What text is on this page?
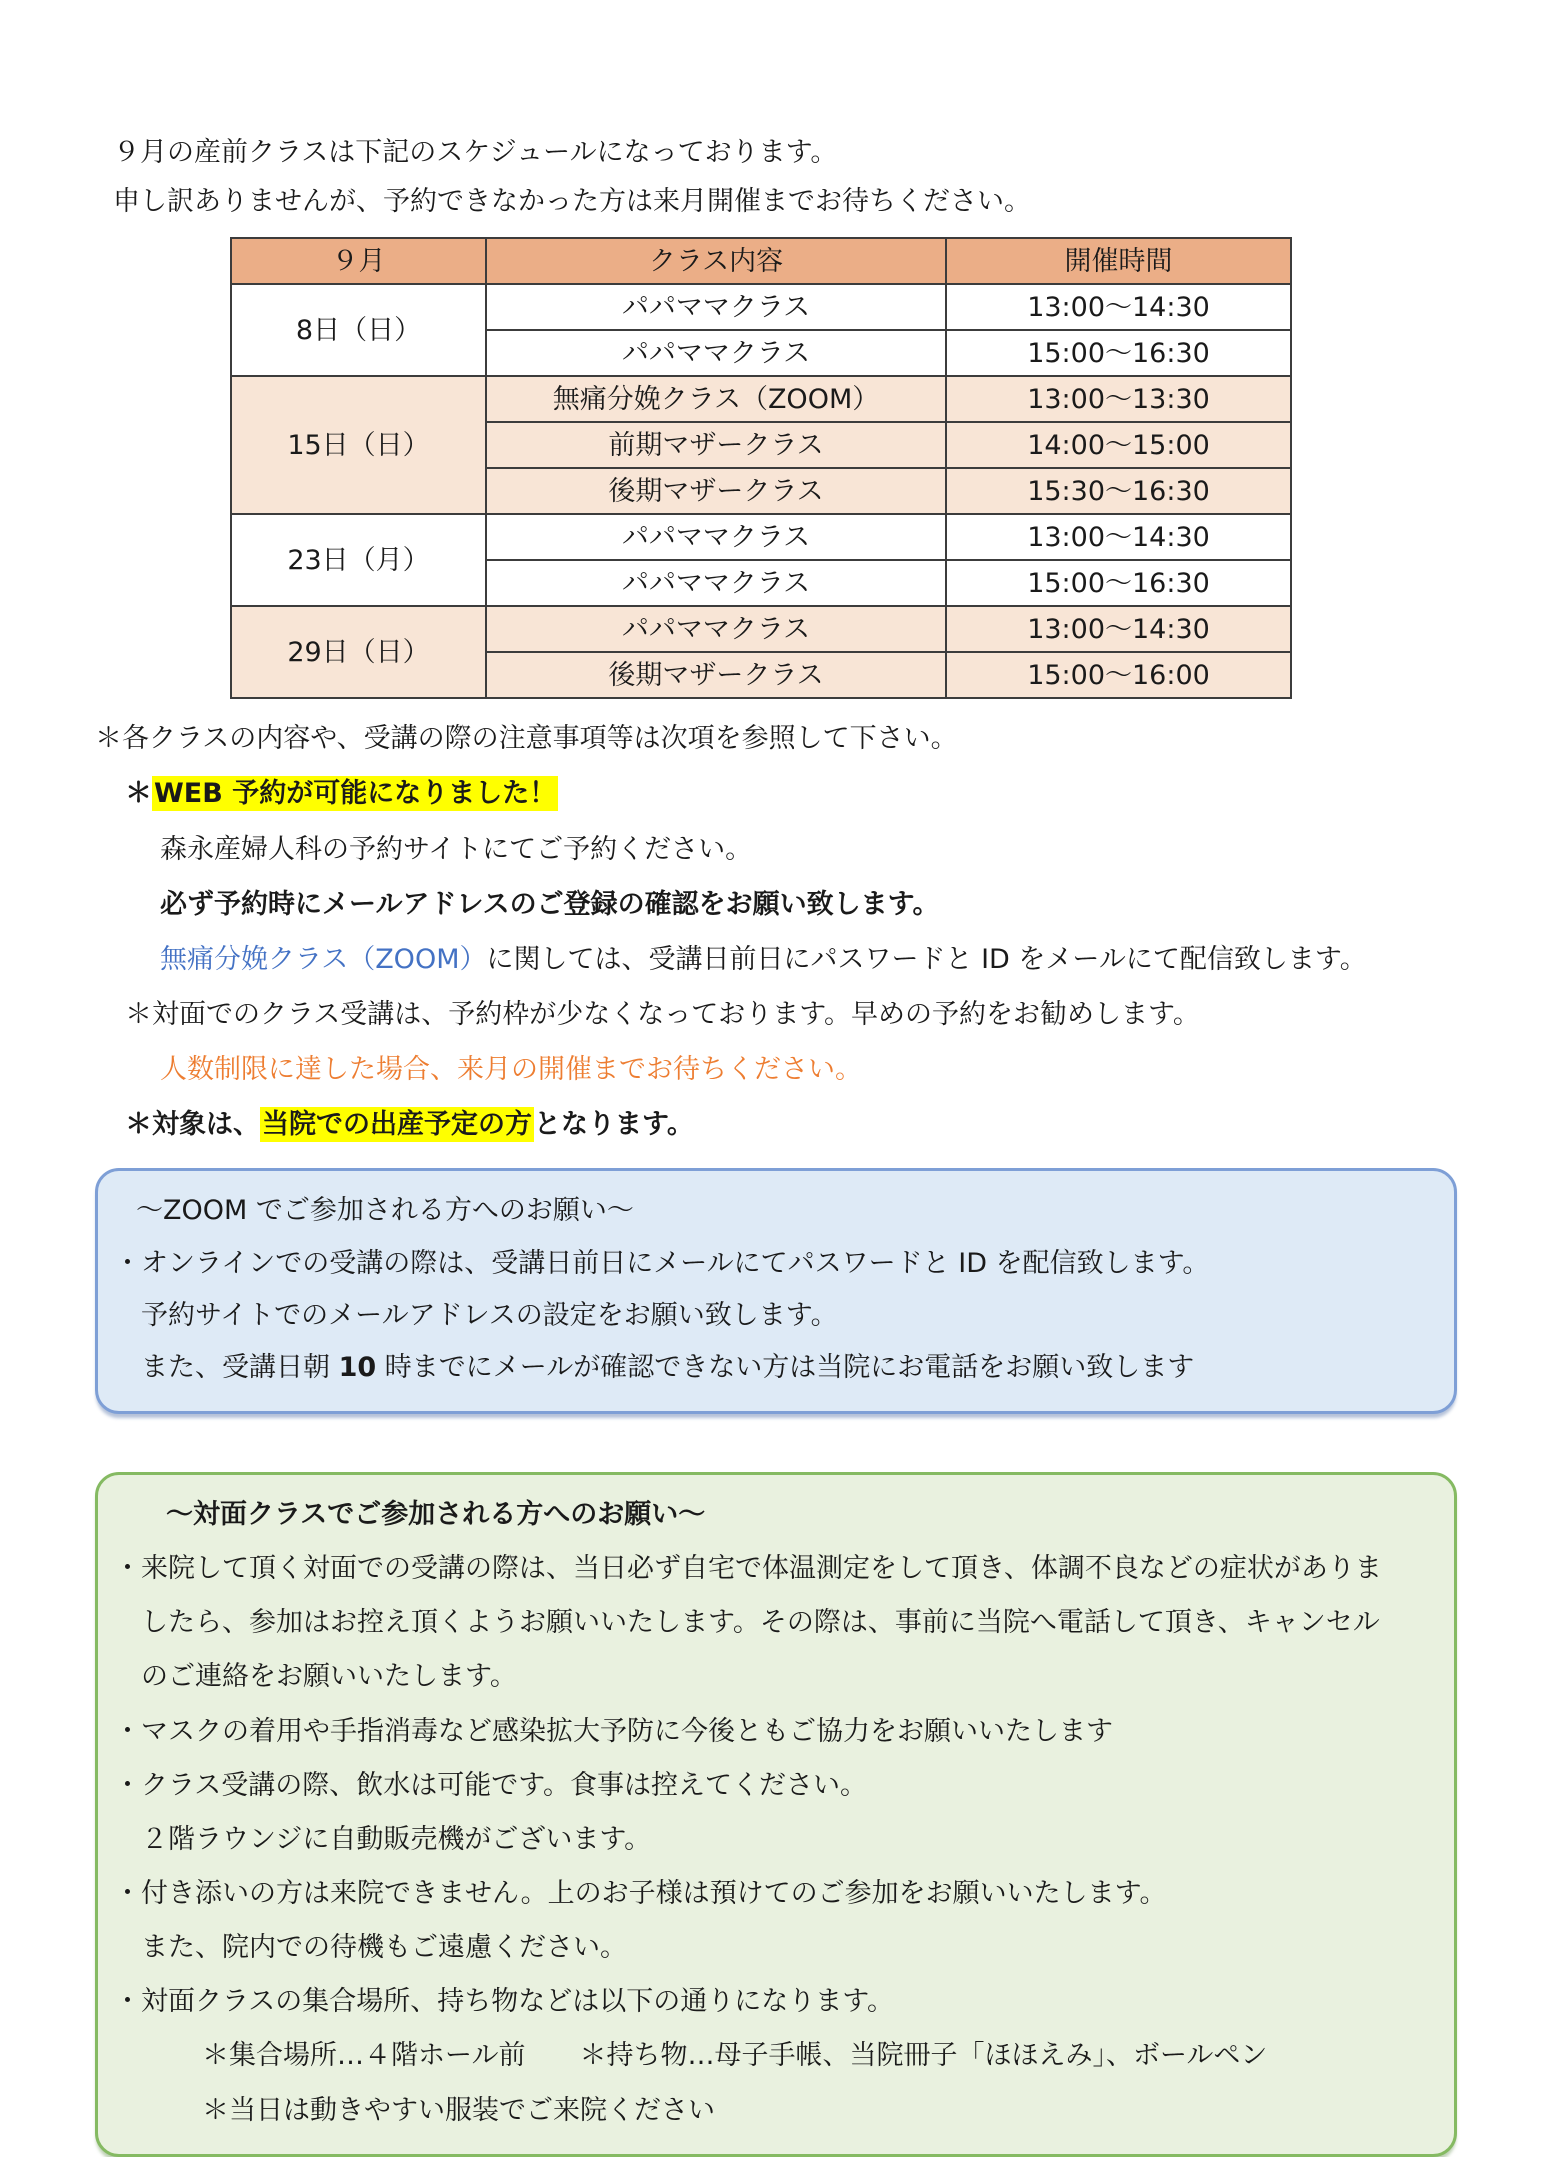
９月の産前クラスは下記のスケジュールになっております。

申し訳ありませんが、予約できなかった方は来月開催までお待ちください。

９月	クラス内容	開催時間
8日（日）	パパママクラス	13:00～14:30
	パパママクラス	15:00～16:30
15日（日）	無痛分娩クラス（ZOOM）	13:00～13:30
	前期マザークラス	14:00～15:00
	後期マザークラス	15:30～16:30
23日（月）	パパママクラス	13:00～14:30
	パパママクラス	15:00～16:30
29日（日）	パパママクラス	13:00～14:30
	後期マザークラス	15:00～16:00
＊各クラスの内容や、受講の際の注意事項等は次項を参照して下さい。
＊WEB 予約が可能になりました！
森永産婦人科の予約サイトにてご予約ください。
必ず予約時にメールアドレスのご登録の確認をお願い致します。
無痛分娩クラス（ZOOM）に関しては、受講日前日にパスワードと ID をメールにて配信致します。
＊対面でのクラス受講は、予約枠が少なくなっております。早めの予約をお勧めします。
人数制限に達した場合、来月の開催までお待ちください。
＊対象は、当院での出産予定の方となります。
～ZOOM でご参加される方へのお願い～
・オンラインでの受講の際は、受講日前日にメールにてパスワードと ID を配信致します。
予約サイトでのメールアドレスの設定をお願い致します。
また、受講日朝 10 時までにメールが確認できない方は当院にお電話をお願い致します
～対面クラスでご参加される方へのお願い～
・来院して頂く対面での受講の際は、当日必ず自宅で体温測定をして頂き、体調不良などの症状がありま
したら、参加はお控え頂くようお願いいたします。その際は、事前に当院へ電話して頂き、キャンセル
のご連絡をお願いいたします。
・マスクの着用や手指消毒など感染拡大予防に今後ともご協力をお願いいたします
・クラス受講の際、飲水は可能です。食事は控えてください。
２階ラウンジに自動販売機がございます。
・付き添いの方は来院できません。上のお子様は預けてのご参加をお願いいたします。
また、院内での待機もご遠慮ください。
・対面クラスの集合場所、持ち物などは以下の通りになります。
＊集合場所…４階ホール前　　＊持ち物…母子手帳、当院冊子「ほほえみ」、ボールペン
＊当日は動きやすい服装でご来院ください
